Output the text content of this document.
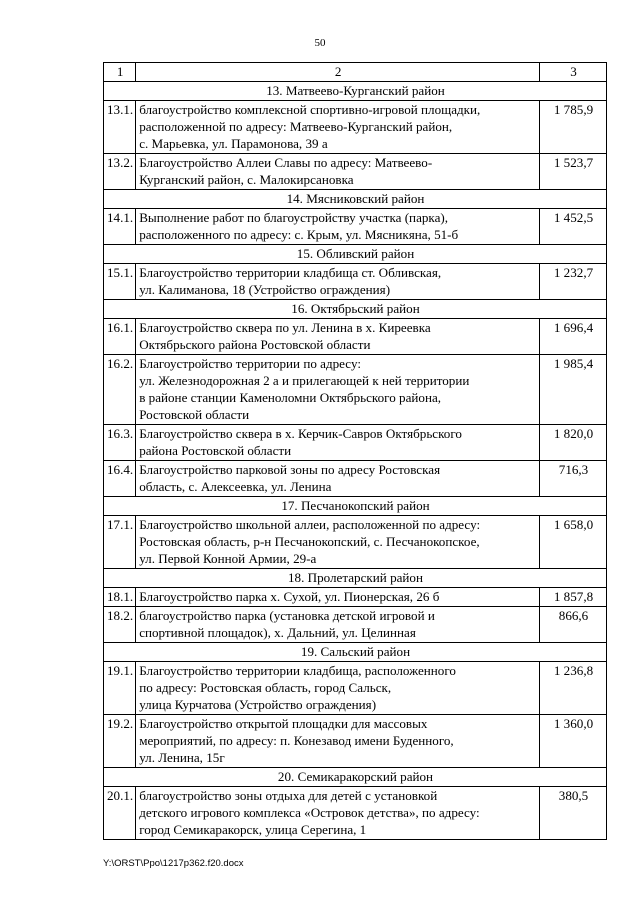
50
1	2	3
13. Матвеево-Курганский район		
13.1.	благоустройство комплексной спортивно-игровой площадки,
расположенной по адресу: Матвеево-Курганский район,
с. Марьевка, ул. Парамонова, 39 а	1 785,9
13.2.	Благоустройство Аллеи Славы по адресу: Матвеево-
Курганский район, с. Малокирсановка	1 523,7
14. Мясниковский район		
14.1.	Выполнение работ по благоустройству участка (парка),
расположенного по адресу: с. Крым, ул. Мясникяна, 51-б	1 452,5
15. Обливский район		
15.1.	Благоустройство территории кладбища ст. Обливская,
ул. Калиманова, 18 (Устройство ограждения)	1 232,7
16. Октябрьский район		
16.1.	Благоустройство сквера по ул. Ленина в х. Киреевка
Октябрьского района Ростовской области	1 696,4
16.2.	Благоустройство территории по адресу:
ул. Железнодорожная 2 а и прилегающей к ней территории
в районе станции Каменоломни Октябрьского района,
Ростовской области	1 985,4
16.3.	Благоустройство сквера в х. Керчик-Савров Октябрьского
района Ростовской области	1 820,0
16.4.	Благоустройство парковой зоны по адресу Ростовская
область, с. Алексеевка, ул. Ленина	716,3
17. Песчанокопский район		
17.1.	Благоустройство школьной аллеи, расположенной по адресу:
Ростовская область, р-н Песчанокопский, с. Песчанокопское,
ул. Первой Конной Армии, 29-а	1 658,0
18. Пролетарский район		
18.1.	Благоустройство парка х. Сухой, ул. Пионерская, 26 б	1 857,8
18.2.	благоустройство парка (установка детской игровой и
спортивной площадок), х. Дальний, ул. Целинная	866,6
19. Сальский район		
19.1.	Благоустройство территории кладбища, расположенного
по адресу: Ростовская область, город Сальск,
улица Курчатова (Устройство ограждения)	1 236,8
19.2.	Благоустройство открытой площадки для массовых
мероприятий, по адресу: п. Конезавод имени Буденного,
ул. Ленина, 15г	1 360,0
20. Семикаракорский район		
20.1.	благоустройство зоны отдыха для детей с установкой
детского игрового комплекса «Островок детства», по адресу:
город Семикаракорск, улица Серегина, 1	380,5
Y:\ORST\Ppo\1217p362.f20.docx
